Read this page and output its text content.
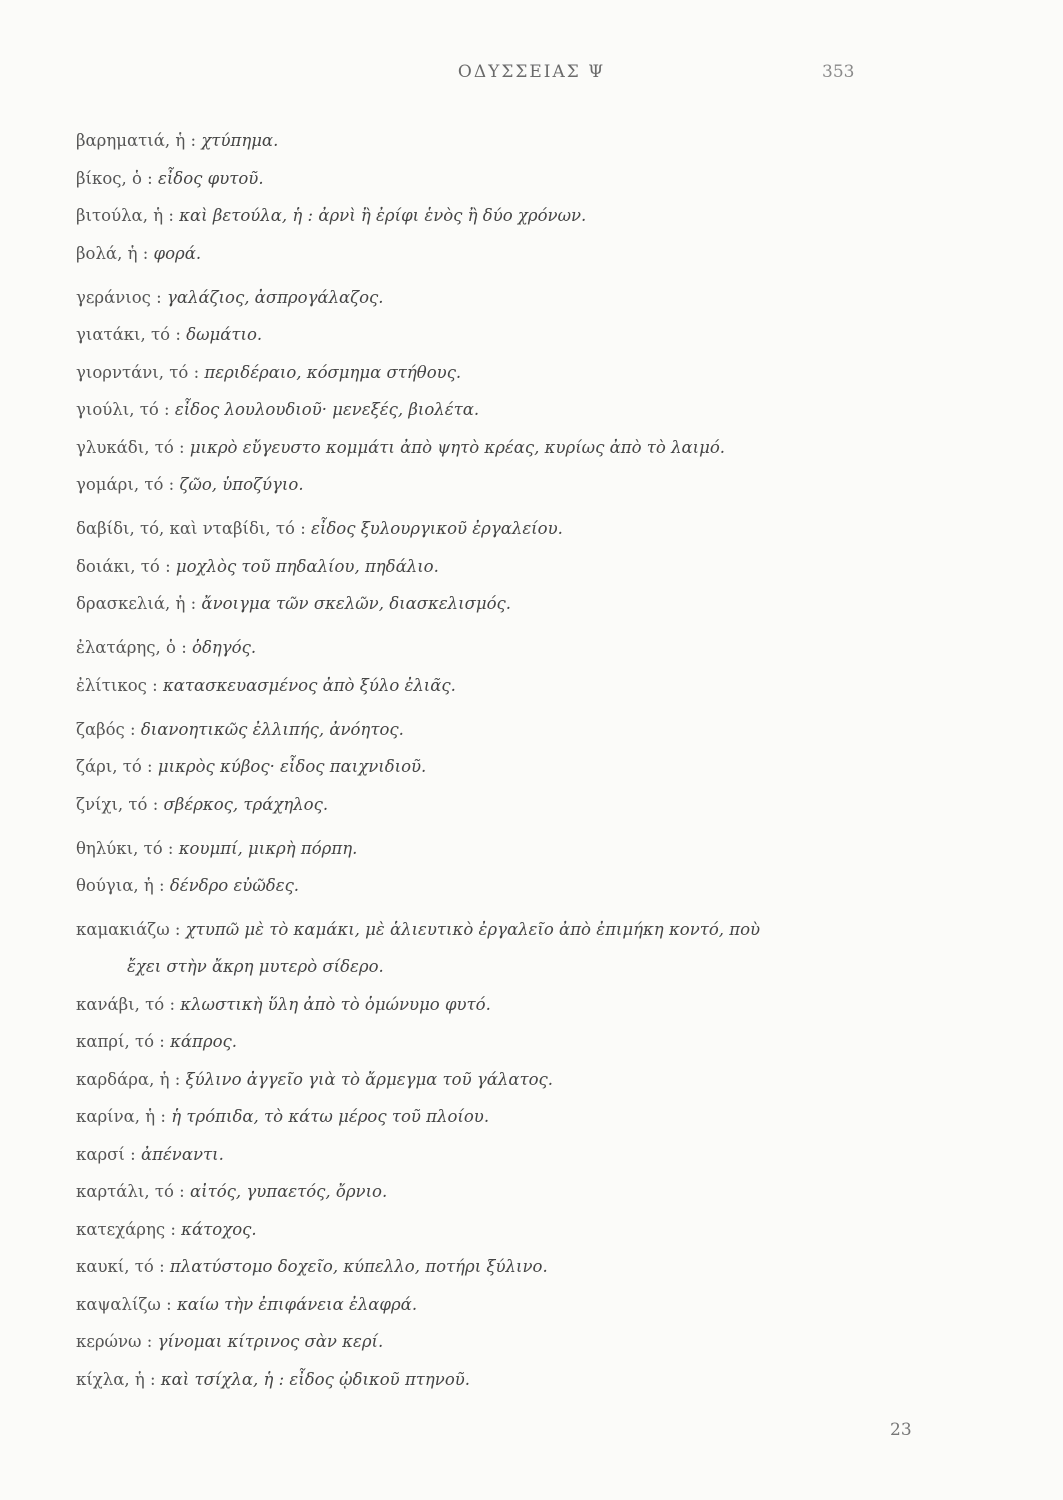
ΟΔΥΣΣΕΙΑΣ Ψ	353
βαρηματιά, ἡ : χτύπημα.
βίκος, ὁ : εἶδος φυτοῦ.
βιτούλα, ἡ : καὶ βετούλα, ἡ : ἀρνὶ ἢ ἐρίφι ἑνὸς ἢ δύο χρόνων.
βολά, ἡ : φορά.
γεράνιος : γαλάζιος, ἀσπρογάλαζος.
γιατάκι, τό : δωμάτιο.
γιορντάνι, τό : περιδέραιο, κόσμημα στήθους.
γιούλι, τό : εἶδος λουλουδιοῦ· μενεξές, βιολέτα.
γλυκάδι, τό : μικρὸ εὔγευστο κομμάτι ἀπὸ ψητὸ κρέας, κυρίως ἀπὸ τὸ λαιμό.
γομάρι, τό : ζῶο, ὑποζύγιο.
δαβίδι, τό, καὶ νταβίδι, τό : εἶδος ξυλουργικοῦ ἐργαλείου.
δοιάκι, τό : μοχλὸς τοῦ πηδαλίου, πηδάλιο.
δρασκελιά, ἡ : ἄνοιγμα τῶν σκελῶν, διασκελισμός.
ἐλατάρης, ὁ : ὁδηγός.
ἐλίτικος : κατασκευασμένος ἀπὸ ξύλο ἐλιᾶς.
ζαβός : διανοητικῶς ἐλλιπής, ἀνόητος.
ζάρι, τό : μικρὸς κύβος· εἶδος παιχνιδιοῦ.
ζνίχι, τό : σβέρκος, τράχηλος.
θηλύκι, τό : κουμπί, μικρὴ πόρπη.
θούγια, ἡ : δένδρο εὐῶδες.
καμακιάζω : χτυπῶ μὲ τὸ καμάκι, μὲ ἁλιευτικὸ ἐργαλεῖο ἀπὸ ἐπιμήκη κοντό, ποὺ
ἔχει στὴν ἄκρη μυτερὸ σίδερο.
κανάβι, τό : κλωστικὴ ὕλη ἀπὸ τὸ ὁμώνυμο φυτό.
καπρί, τό : κάπρος.
καρδάρα, ἡ : ξύλινο ἀγγεῖο γιὰ τὸ ἄρμεγμα τοῦ γάλατος.
καρίνα, ἡ : ἡ τρόπιδα, τὸ κάτω μέρος τοῦ πλοίου.
καρσί : ἀπέναντι.
καρτάλι, τό : αἰτός, γυπαετός, ὄρνιο.
κατεχάρης : κάτοχος.
καυκί, τό : πλατύστομο δοχεῖο, κύπελλο, ποτήρι ξύλινο.
καψαλίζω : καίω τὴν ἐπιφάνεια ἐλαφρά.
κερώνω : γίνομαι κίτρινος σὰν κερί.
κίχλα, ἡ : καὶ τσίχλα, ἡ : εἶδος ᾠδικοῦ πτηνοῦ.
23
